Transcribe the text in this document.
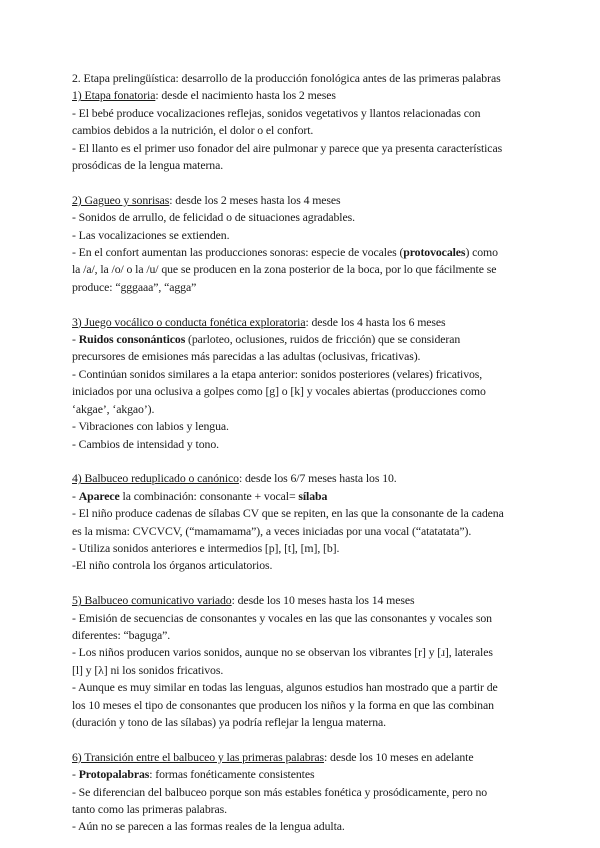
2. Etapa prelingüística: desarrollo de la producción fonológica antes de las primeras palabras
1) Etapa fonatoria: desde el nacimiento hasta los 2 meses
- El bebé produce vocalizaciones reflejas, sonidos vegetativos y llantos relacionadas con
cambios debidos a la nutrición, el dolor o el confort.
- El llanto es el primer uso fonador del aire pulmonar y parece que ya presenta características
prosódicas de la lengua materna.
2) Gagueo y sonrisas: desde los 2 meses hasta los 4 meses
- Sonidos de arrullo, de felicidad o de situaciones agradables.
- Las vocalizaciones se extienden.
- En el confort aumentan las producciones sonoras: especie de vocales (protovocales) como
la /a/, la /o/ o la /u/ que se producen en la zona posterior de la boca, por lo que fácilmente se
produce: “gggaaa”, “agga”
3) Juego vocálico o conducta fonética exploratoria: desde los 4 hasta los 6 meses
- Ruidos consonánticos (parloteo, oclusiones, ruidos de fricción) que se consideran
precursores de emisiones más parecidas a las adultas (oclusivas, fricativas).
- Continúan sonidos similares a la etapa anterior: sonidos posteriores (velares) fricativos,
iniciados por una oclusiva a golpes como [g] o [k] y vocales abiertas (producciones como
‘akgae’, ‘akgao’).
- Vibraciones con labios y lengua.
- Cambios de intensidad y tono.
4) Balbuceo reduplicado o canónico: desde los 6/7 meses hasta los 10.
- Aparece la combinación: consonante + vocal= sílaba
- El niño produce cadenas de sílabas CV que se repiten, en las que la consonante de la cadena
es la misma: CVCVCV, (“mamamama”), a veces iniciadas por una vocal (“atatatata”).
- Utiliza sonidos anteriores e intermedios [p], [t], [m], [b].
-El niño controla los órganos articulatorios.
5) Balbuceo comunicativo variado: desde los 10 meses hasta los 14 meses
- Emisión de secuencias de consonantes y vocales en las que las consonantes y vocales son
diferentes: “baguga”.
- Los niños producen varios sonidos, aunque no se observan los vibrantes [r] y [ɹ], laterales
[l] y [λ] ni los sonidos fricativos.
- Aunque es muy similar en todas las lenguas, algunos estudios han mostrado que a partir de
los 10 meses el tipo de consonantes que producen los niños y la forma en que las combinan
(duración y tono de las sílabas) ya podría reflejar la lengua materna.
6) Transición entre el balbuceo y las primeras palabras: desde los 10 meses en adelante
- Protopalabras: formas fonéticamente consistentes
- Se diferencian del balbuceo porque son más estables fonética y prosódicamente, pero no
tanto como las primeras palabras.
- Aún no se parecen a las formas reales de la lengua adulta.
